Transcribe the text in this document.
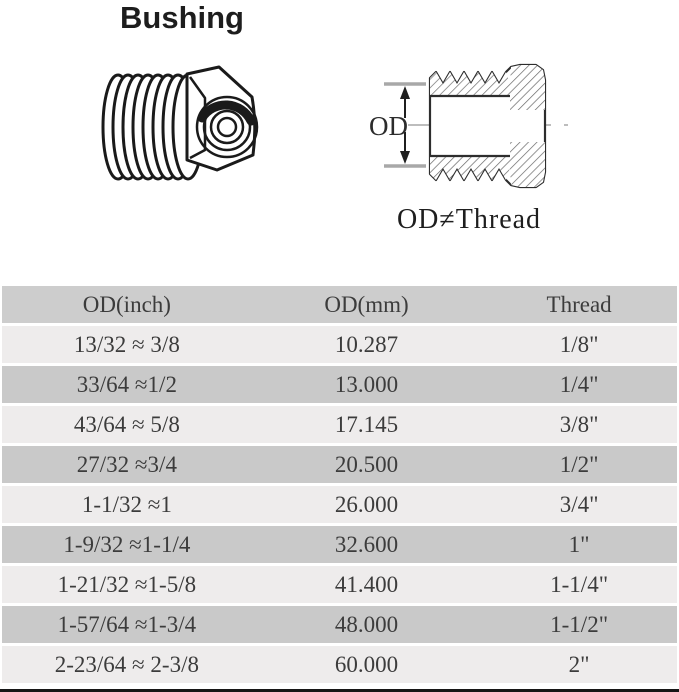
Bushing
OD
OD≠Thread
OD(inch)	OD(mm)	Thread
13/32 ≈ 3/8	10.287	1/8"
33/64 ≈1/2	13.000	1/4"
43/64 ≈ 5/8	17.145	3/8"
27/32 ≈3/4	20.500	1/2"
1-1/32 ≈1	26.000	3/4"
1-9/32 ≈1-1/4	32.600	1"
1-21/32 ≈1-5/8	41.400	1-1/4"
1-57/64 ≈1-3/4	48.000	1-1/2"
2-23/64 ≈ 2-3/8	60.000	2"
